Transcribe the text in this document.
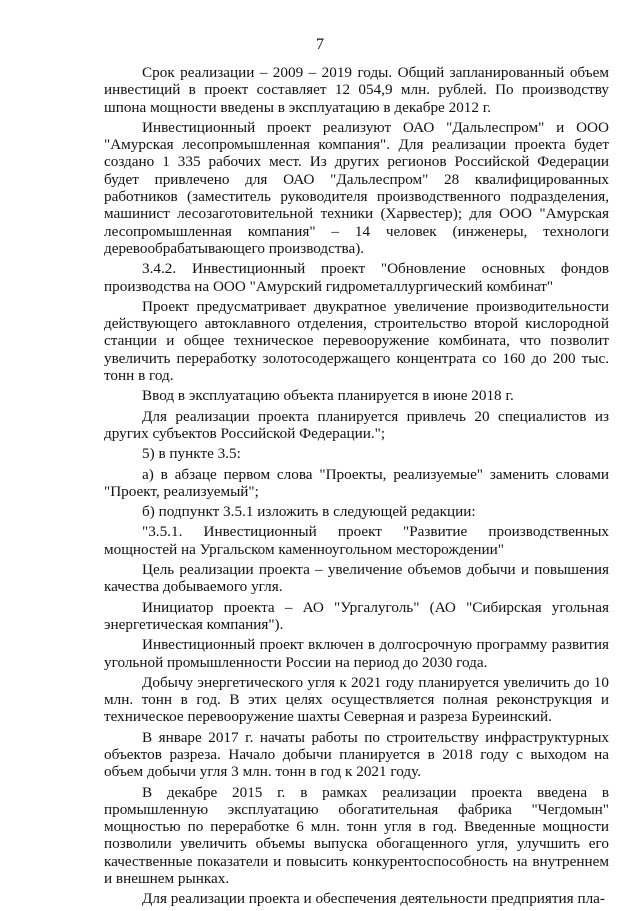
7

Срок реализации – 2009 – 2019 годы. Общий запланированный объем инвестиций в проект составляет 12 054,9 млн. рублей. По производству шпона мощности введены в эксплуатацию в декабре 2012 г.

Инвестиционный проект реализуют ОАО "Дальлеспром" и ООО "Амурская лесопромышленная компания". Для реализации проекта будет создано 1 335 рабочих мест. Из других регионов Российской Федерации будет привлечено для ОАО "Дальлеспром" 28 квалифицированных работников (заместитель руководителя производственного подразделения, машинист лесозаготовительной техники (Харвестер); для ООО "Амурская лесопромышленная компания" – 14 человек (инженеры, технологи деревообрабатывающего производства).

3.4.2. Инвестиционный проект "Обновление основных фондов производства на ООО "Амурский гидрометаллургический комбинат"

Проект предусматривает двукратное увеличение производительности действующего автоклавного отделения, строительство второй кислородной станции и общее техническое перевооружение комбината, что позволит увеличить переработку золотосодержащего концентрата со 160 до 200 тыс. тонн в год.

Ввод в эксплуатацию объекта планируется в июне 2018 г.

Для реализации проекта планируется привлечь 20 специалистов из других субъектов Российской Федерации.";

5) в пункте 3.5:

а) в абзаце первом слова "Проекты, реализуемые" заменить словами "Проект, реализуемый";

б) подпункт 3.5.1 изложить в следующей редакции:

"3.5.1. Инвестиционный проект "Развитие производственных мощностей на Ургальском каменноугольном месторождении"

Цель реализации проекта – увеличение объемов добычи и повышения качества добываемого угля.

Инициатор проекта – АО "Ургалуголь" (АО "Сибирская угольная энергетическая компания").

Инвестиционный проект включен в долгосрочную программу развития угольной промышленности России на период до 2030 года.

Добычу энергетического угля к 2021 году планируется увеличить до 10 млн. тонн в год. В этих целях осуществляется полная реконструкция и техническое перевооружение шахты Северная и разреза Буреинский.

В январе 2017 г. начаты работы по строительству инфраструктурных объектов разреза. Начало добычи планируется в 2018 году с выходом на объем добычи угля 3 млн. тонн в год к 2021 году.

В декабре 2015 г. в рамках реализации проекта введена в промышленную эксплуатацию обогатительная фабрика "Чегдомын" мощностью по переработке 6 млн. тонн угля в год. Введенные мощности позволили увеличить объемы выпуска обогащенного угля, улучшить его качественные показатели и повысить конкурентоспособность на внутреннем и внешнем рынках.

Для реализации проекта и обеспечения деятельности предприятия пла-
